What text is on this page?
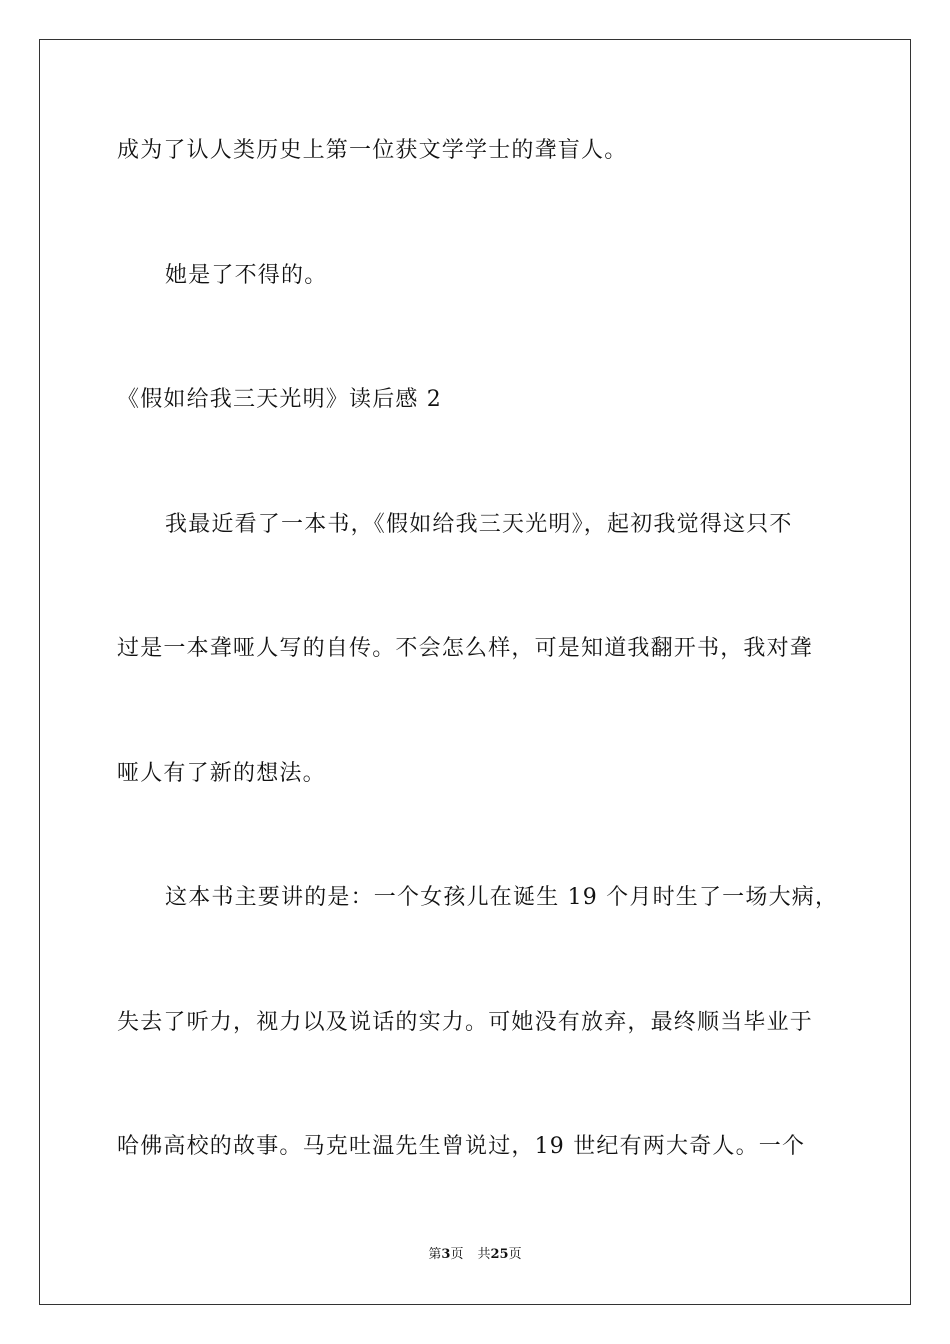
成为了认人类历史上第一位获文学学士的聋盲人。
她是了不得的。
《假如给我三天光明》读后感 2
我最近看了一本书，《假如给我三天光明》，起初我觉得这只不
过是一本聋哑人写的自传。不会怎么样，可是知道我翻开书，我对聋
哑人有了新的想法。
这本书主要讲的是：一个女孩儿在诞生 19 个月时生了一场大病，
失去了听力，视力以及说话的实力。可她没有放弃，最终顺当毕业于
哈佛高校的故事。马克吐温先生曾说过，19 世纪有两大奇人。一个
第3页 共25页
